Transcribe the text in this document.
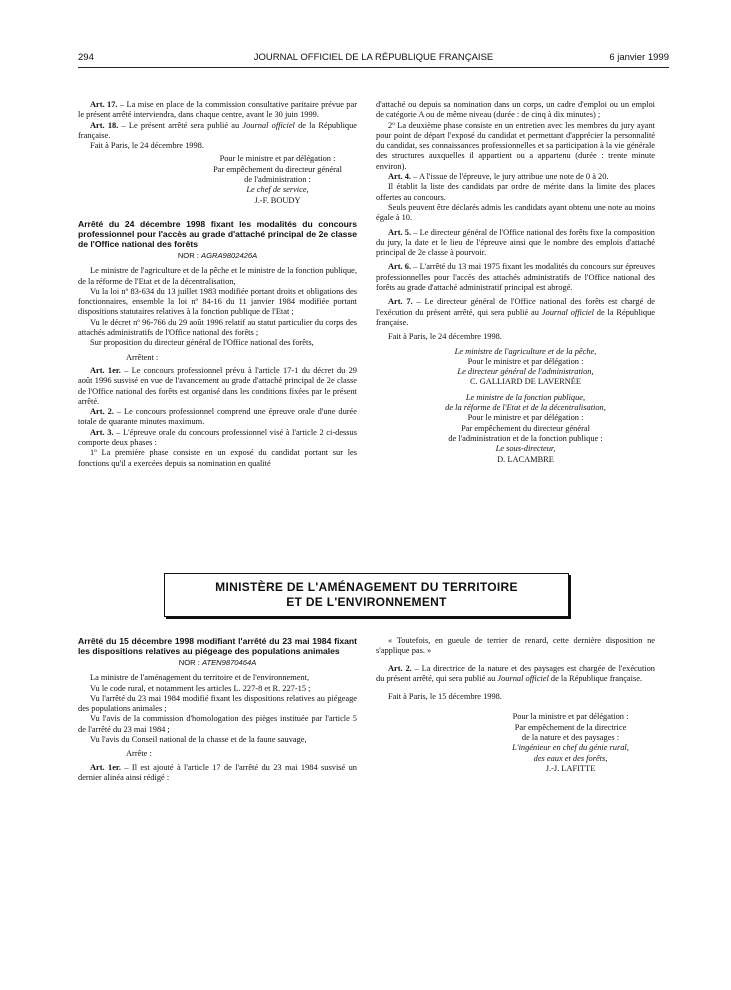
294	JOURNAL OFFICIEL DE LA RÉPUBLIQUE FRANÇAISE	6 janvier 1999

Art. 17. – La mise en place de la commission consultative paritaire prévue par le présent arrêté interviendra, dans chaque centre, avant le 30 juin 1999.

Art. 18. – Le présent arrêté sera publié au Journal officiel de la République française.

Fait à Paris, le 24 décembre 1998.

Pour le ministre et par délégation :

Par empêchement du directeur général

de l'administration :

Le chef de service,

J.-F. BOUDY

Arrêté du 24 décembre 1998 fixant les modalités du concours professionnel pour l'accès au grade d'attaché principal de 2e classe de l'Office national des forêts

NOR : AGRA9802426A

Le ministre de l'agriculture et de la pêche et le ministre de la fonction publique, de la réforme de l'Etat et de la décentralisation,

Vu la loi nº 83-634 du 13 juillet 1983 modifiée portant droits et obligations des fonctionnaires, ensemble la loi nº 84-16 du 11 janvier 1984 modifiée portant dispositions statutaires relatives à la fonction publique de l'Etat ;

Vu le décret nº 96-766 du 29 août 1996 relatif au statut particulier du corps des attachés administratifs de l'Office national des forêts ;

Sur proposition du directeur général de l'Office national des forêts,

Arrêtent :

Art. 1er. – Le concours professionnel prévu à l'article 17-1 du décret du 29 août 1996 susvisé en vue de l'avancement au grade d'attaché principal de 2e classe de l'Office national des forêts est organisé dans les conditions fixées par le présent arrêté.

Art. 2. – Le concours professionnel comprend une épreuve orale d'une durée totale de quarante minutes maximum.

Art. 3. – L'épreuve orale du concours professionnel visé à l'article 2 ci-dessus comporte deux phases :

1º La première phase consiste en un exposé du candidat portant sur les fonctions qu'il a exercées depuis sa nomination en qualité

d'attaché ou depuis sa nomination dans un corps, un cadre d'emploi ou un emploi de catégorie A ou de même niveau (durée : de cinq à dix minutes) ;

2º La deuxième phase consiste en un entretien avec les membres du jury ayant pour point de départ l'exposé du candidat et permettant d'apprécier la personnalité du candidat, ses connaissances professionnelles et sa participation à la vie générale des structures auxquelles il appartient ou a appartenu (durée : trente minute environ).

Art. 4. – A l'issue de l'épreuve, le jury attribue une note de 0 à 20.

Il établit la liste des candidats par ordre de mérite dans la limite des places offertes au concours.

Seuls peuvent être déclarés admis les candidats ayant obtenu une note au moins égale à 10.

Art. 5. – Le directeur général de l'Office national des forêts fixe la composition du jury, la date et le lieu de l'épreuve ainsi que le nombre des emplois d'attaché principal de 2e classe à pourvoir.

Art. 6. – L'arrêté du 13 mai 1975 fixant les modalités du concours sur épreuves professionnelles pour l'accès des attachés administratifs de l'Office national des forêts au grade d'attaché administratif principal est abrogé.

Art. 7. – Le directeur général de l'Office national des forêts est chargé de l'exécution du présent arrêté, qui sera publié au Journal officiel de la République française.

Fait à Paris, le 24 décembre 1998.

Le ministre de l'agriculture et de la pêche,

Pour le ministre et par délégation :

Le directeur général de l'administration,

C. GALLIARD DE LAVERNÉE

Le ministre de la fonction publique,

de la réforme de l'Etat et de la décentralisation,

Pour le ministre et par délégation :

Par empêchement du directeur général

de l'administration et de la fonction publique :

Le sous-directeur,

D. LACAMBRE

MINISTÈRE DE L'AMÉNAGEMENT DU TERRITOIRE
ET DE L'ENVIRONNEMENT

Arrêté du 15 décembre 1998 modifiant l'arrêté du 23 mai 1984 fixant les dispositions relatives au piégeage des populations animales

NOR : ATEN9870464A

La ministre de l'aménagement du territoire et de l'environnement,

Vu le code rural, et notamment les articles L. 227-8 et R. 227-15 ;

Vu l'arrêté du 23 mai 1984 modifié fixant les dispositions relatives au piégeage des populations animales ;

Vu l'avis de la commission d'homologation des pièges instituée par l'article 5 de l'arrêté du 23 mai 1984 ;

Vu l'avis du Conseil national de la chasse et de la faune sauvage,

Arrête :

Art. 1er. – Il est ajouté à l'article 17 de l'arrêté du 23 mai 1984 susvisé un dernier alinéa ainsi rédigé :

« Toutefois, en gueule de terrier de renard, cette dernière disposition ne s'applique pas. »

Art. 2. – La directrice de la nature et des paysages est chargée de l'exécution du présent arrêté, qui sera publié au Journal officiel de la République française.

Fait à Paris, le 15 décembre 1998.

Pour la ministre et par délégation :

Par empêchement de la directrice

de la nature et des paysages :

L'ingénieur en chef du génie rural,

des eaux et des forêts,

J.-J. LAFITTE
